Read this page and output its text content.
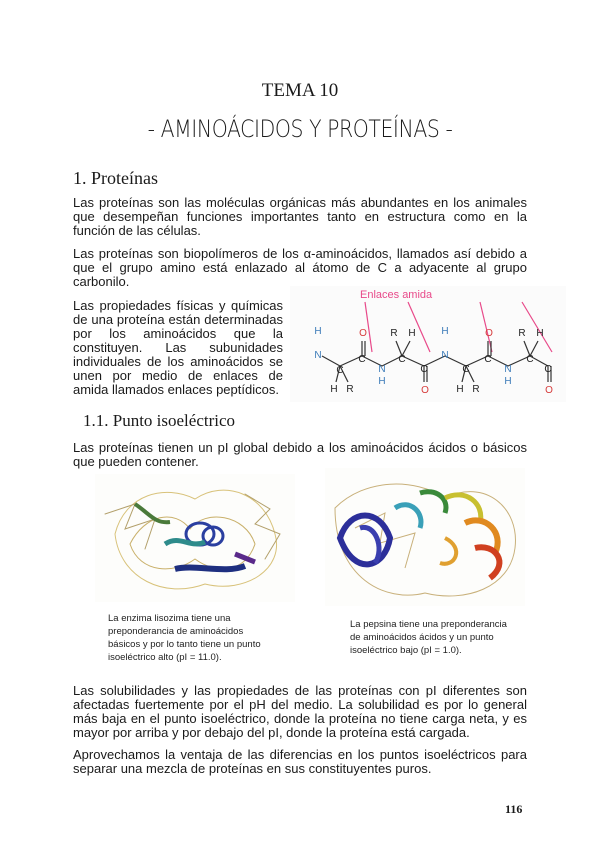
TEMA 10
- AMINOÁCIDOS Y PROTEÍNAS -
1. Proteínas
Las proteínas son las moléculas orgánicas más abundantes en los animales que desempeñan funciones importantes tanto en estructura como en la función de las células.
Las proteínas son biopolímeros de los α-aminoácidos, llamados así debido a que el grupo amino está enlazado al átomo de C a adyacente al grupo carbonilo.
Las propiedades físicas y químicas de una proteína están determinadas por los aminoácidos que la constituyen. Las subunidades individuales de los aminoácidos se unen por medio de enlaces de amida llamados enlaces peptídicos.
Enlaces amida
H
N
N
H
N
H
N
H
O	O
O	O
C
C	C
C	C
C	C
C
H R
R H
H R
R H
1.1. Punto isoeléctrico
Las proteínas tienen un pI global debido a los aminoácidos ácidos o básicos que pueden contener.
La enzima lisozima tiene una preponderancia de aminoácidos básicos y por lo tanto tiene un punto isoeléctrico alto (pI = 11.0).
La pepsina tiene una preponderancia de aminoácidos ácidos y un punto isoeléctrico bajo (pI = 1.0).
Las solubilidades y las propiedades de las proteínas con pI diferentes son afectadas fuertemente por el pH del medio. La solubilidad es por lo general más baja en el punto isoeléctrico, donde la proteína no tiene carga neta, y es mayor por arriba y por debajo del pI, donde la proteína está cargada.
Aprovechamos la ventaja de las diferencias en los puntos isoeléctricos para separar una mezcla de proteínas en sus constituyentes puros.
116
